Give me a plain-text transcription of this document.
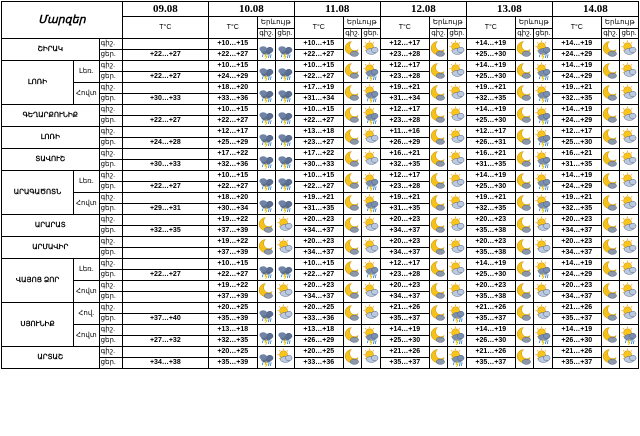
Մարզեր			09.08	10.08			11.08			12.08			13.08			14.08		
			T°C	T°C	Երևույթ		T°C	Երևույթ		T°C	Երևույթ		T°C	Երևույթ		T°C	Երևույթ	
					գիշ.	ցեր.		գիշ.	ցեր.		գիշ.	ցեր.		գիշ.	ցեր.		գիշ.	ցեր.
ՇԻՐԱԿ		գիշ.		+10…+15			+10…+15			+12…+17			+14…+19			+14…+19	

		ցեր.	+22…+27	+22…+27			+22…+27			+23…+28			+25…+30			+24…+29		
ԼՈՌԻ	Լեռ.	գիշ.		+10…+15			+10…+15			+12…+17			+14…+19			+14…+19	

		ցեր.	+22…+27	+24…+29			+22…+27			+23…+28			+25…+30			+24…+29		
	Հովտ	գիշ.		+18…+20			+17…+19			+19…+21			+19…+21			+19…+21	

		ցեր.	+30…+33	+33…+36			+31…+34			+31…+34			+32…+35			+32…+35		
ԳԵՂԱՐՔՈՒՆԻՔ		գիշ.		+10…+15			+10…+15			+12…+17			+14…+19			+14…+19	

		ցեր.	+22…+27	+22…+27			+22…+27			+23…+28			+25…+30			+24…+29		
ԼՈՌԻ		գիշ.		+12…+17			+13…+18			+11…+16			+12…+17			+12…+17	

		ցեր.	+24…+28	+25…+29			+23…+27			+26…+29			+26…+31			+25…+30		
ՏԱՎՈՒՇ		գիշ.		+17…+22			+17…+22			+16…+21			+16…+21			+16…+21	

		ցեր.	+30…+33	+32…+36			+30…+33			+32…+35			+31…+35			+31…+35		
ԱՐԱԳԱԾՈՏՆ	Լեռ.	գիշ.		+10…+15			+10…+15			+12…+17			+14…+19			+14…+19	

		ցեր.	+22…+27	+22…+27			+22…+27			+23…+28			+25…+30			+24…+29		
	Հովտ	գիշ.		+18…+20			+19…+21			+19…+21			+19…+21			+19…+21	

		ցեր.	+29…+31	+30…+34			+31…+35			+31…+35			+32…+35			+32…+35		
ԱՐԱՐԱՏ		գիշ.		+19…+22			+20…+23			+20…+23			+20…+23			+20…+23	

		ցեր.	+32…+35	+37…+39			+34…+37			+34…+37			+35…+38			+34…+37		
ԱՐՄԱՎԻՐ		գիշ.		+19…+22			+20…+23			+20…+23			+20…+23			+20…+23	

		ցեր.		+37…+39			+34…+37			+34…+37			+35…+38			+34…+37		
ՎԱՅՈՑ ՁՈՐ	Լեռ.	գիշ.		+10…+15			+10…+15			+12…+17			+14…+19			+14…+19	

		ցեր.	+22…+27	+22…+27			+22…+27			+23…+28			+25…+30			+24…+29		
	Հովտ	գիշ.		+19…+22			+20…+23			+20…+23			+20…+23			+20…+23	

		ցեր.		+37…+39			+34…+37			+34…+37			+35…+38			+34…+37		
ՍՅՈՒՆԻՔ	Հով.	գիշ.		+20…+25			+20…+25			+21…+26			+21…+26			+21…+26	

		ցեր.	+37…+40	+35…+39			+33…+36			+35…+37			+35…+37			+35…+37		
	Հովտ	գիշ.		+13…+18			+13…+18			+14…+19			+14…+19			+14…+19	

		ցեր.	+27…+32	+32…+35			+26…+29			+25…+30			+26…+30			+26…+30		
ԱՐՏԱՇ		գիշ.		+20…+25			+20…+25			+21…+26			+21…+26			+21…+26	

		ցեր.	+34…+38	+35…+39			+33…+36			+35…+37			+35…+37			+35…+37		
